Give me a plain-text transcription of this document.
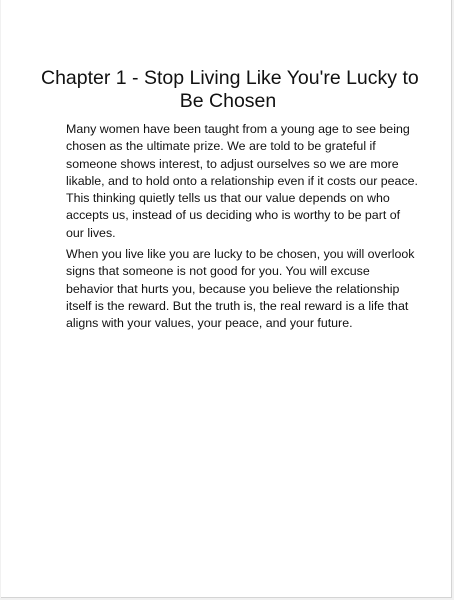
Chapter 1 - Stop Living Like You're Lucky to
Be Chosen

Many women have been taught from a young age to see being
chosen as the ultimate prize. We are told to be grateful if
someone shows interest, to adjust ourselves so we are more
likable, and to hold onto a relationship even if it costs our peace.
This thinking quietly tells us that our value depends on who
accepts us, instead of us deciding who is worthy to be part of
our lives.

When you live like you are lucky to be chosen, you will overlook
signs that someone is not good for you. You will excuse
behavior that hurts you, because you believe the relationship
itself is the reward. But the truth is, the real reward is a life that
aligns with your values, your peace, and your future.
